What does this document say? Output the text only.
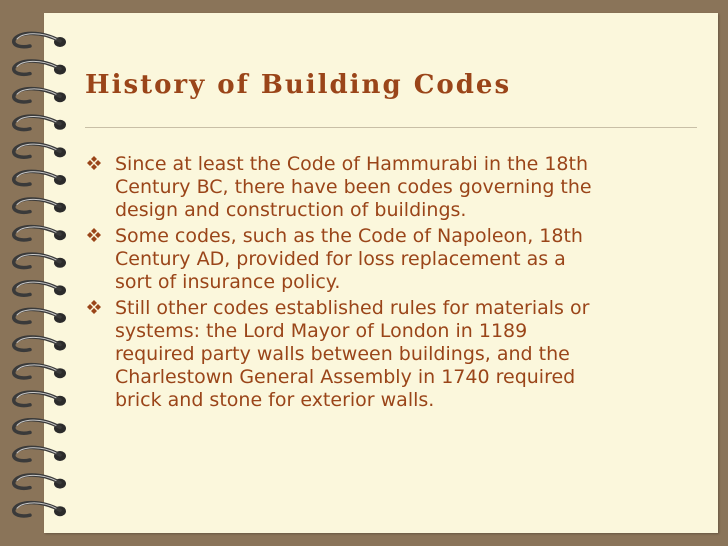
History of Building Codes
Since at least the Code of Hammurabi in the 18th
Century BC, there have been codes governing the
design and construction of buildings.
Some codes, such as the Code of Napoleon, 18th
Century AD, provided for loss replacement as a
sort of insurance policy.
Still other codes established rules for materials or
systems: the Lord Mayor of London in 1189
required party walls between buildings, and the
Charlestown General Assembly in 1740 required
brick and stone for exterior walls.
